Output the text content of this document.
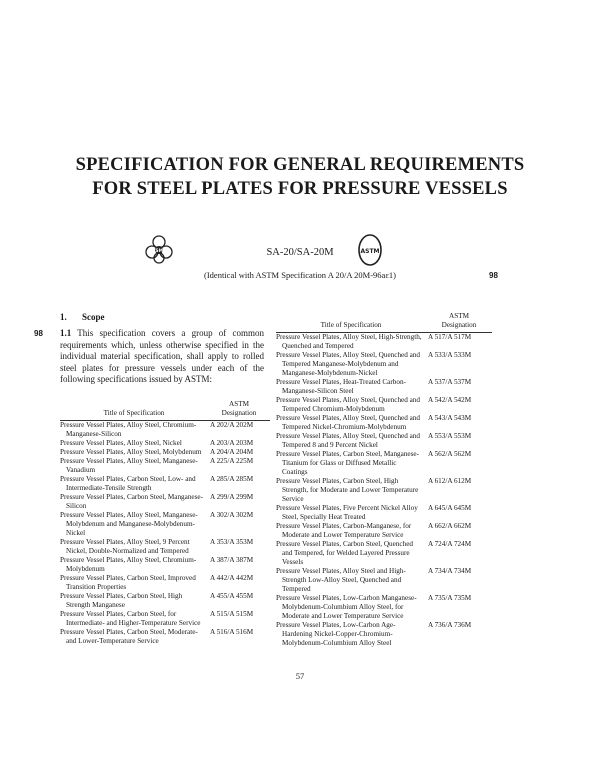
SPECIFICATION FOR GENERAL REQUIREMENTS
FOR STEEL PLATES FOR PRESSURE VESSELS
ASME	SA-20/SA-20M	ASTM
(Identical with ASTM Specification A 20/A 20M-96aε1)	98
98
1. Scope
1.1 This specification covers a group of common requirements which, unless otherwise specified in the individual material specification, shall apply to rolled steel plates for pressure vessels under each of the following specifications issued by ASTM:
Title of Specification	ASTM
Designation
Pressure Vessel Plates, Alloy Steel, Chromium-Manganese-Silicon	A 202/A 202M
Pressure Vessel Plates, Alloy Steel, Nickel	A 203/A 203M
Pressure Vessel Plates, Alloy Steel, Molybdenum	A 204/A 204M
Pressure Vessel Plates, Alloy Steel, Manganese-Vanadium	A 225/A 225M
Pressure Vessel Plates, Carbon Steel, Low- and Intermediate-Tensile Strength	A 285/A 285M
Pressure Vessel Plates, Carbon Steel, Manganese-Silicon	A 299/A 299M
Pressure Vessel Plates, Alloy Steel, Manganese-Molybdenum and Manganese-Molybdenum-Nickel	A 302/A 302M
Pressure Vessel Plates, Alloy Steel, 9 Percent Nickel, Double-Normalized and Tempered	A 353/A 353M
Pressure Vessel Plates, Alloy Steel, Chromium-Molybdenum	A 387/A 387M
Pressure Vessel Plates, Carbon Steel, Improved Transition Properties	A 442/A 442M
Pressure Vessel Plates, Carbon Steel, High Strength Manganese	A 455/A 455M
Pressure Vessel Plates, Carbon Steel, for Intermediate- and Higher-Temperature Service	A 515/A 515M
Pressure Vessel Plates, Carbon Steel, Moderate- and Lower-Temperature Service	A 516/A 516M
Title of Specification	ASTM
Designation
Pressure Vessel Plates, Alloy Steel, High-Strength, Quenched and Tempered	A 517/A 517M
Pressure Vessel Plates, Alloy Steel, Quenched and Tempered Manganese-Molybdenum and Manganese-Molybdenum-Nickel	A 533/A 533M
Pressure Vessel Plates, Heat-Treated Carbon-Manganese-Silicon Steel	A 537/A 537M
Pressure Vessel Plates, Alloy Steel, Quenched and Tempered Chromium-Molybdenum	A 542/A 542M
Pressure Vessel Plates, Alloy Steel, Quenched and Tempered Nickel-Chromium-Molybdenum	A 543/A 543M
Pressure Vessel Plates, Alloy Steel, Quenched and Tempered 8 and 9 Percent Nickel	A 553/A 553M
Pressure Vessel Plates, Carbon Steel, Manganese-Titanium for Glass or Diffused Metallic Coatings	A 562/A 562M
Pressure Vessel Plates, Carbon Steel, High Strength, for Moderate and Lower Temperature Service	A 612/A 612M
Pressure Vessel Plates, Five Percent Nickel Alloy Steel, Specially Heat Treated	A 645/A 645M
Pressure Vessel Plates, Carbon-Manganese, for Moderate and Lower Temperature Service	A 662/A 662M
Pressure Vessel Plates, Carbon Steel, Quenched and Tempered, for Welded Layered Pressure Vessels	A 724/A 724M
Pressure Vessel Plates, Alloy Steel and High-Strength Low-Alloy Steel, Quenched and Tempered	A 734/A 734M
Pressure Vessel Plates, Low-Carbon Manganese-Molybdenum-Columbium Alloy Steel, for Moderate and Lower Temperature Service	A 735/A 735M
Pressure Vessel Plates, Low-Carbon Age-Hardening Nickel-Copper-Chromium-Molybdenum-Columbium Alloy Steel	A 736/A 736M
57
